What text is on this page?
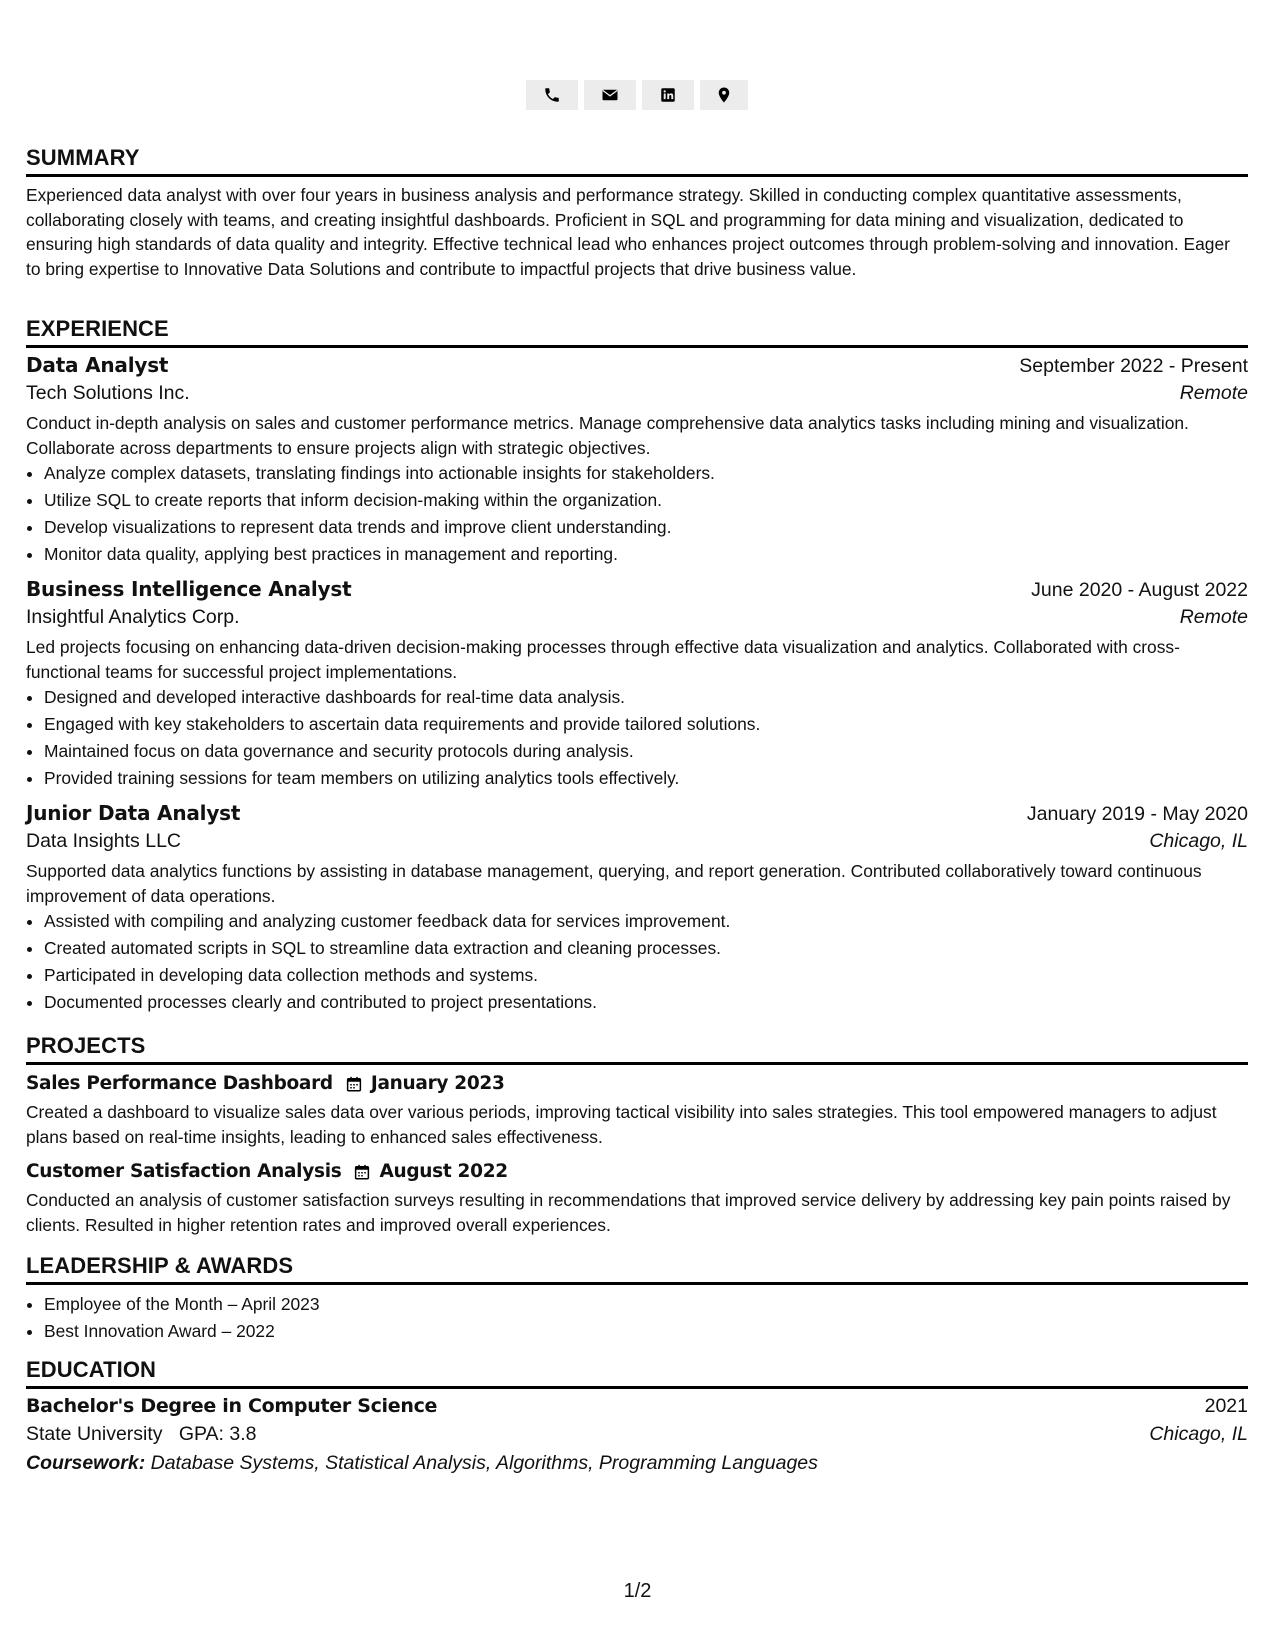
SUMMARY

Experienced data analyst with over four years in business analysis and performance strategy. Skilled in conducting complex quantitative assessments, collaborating closely with teams, and creating insightful dashboards. Proficient in SQL and programming for data mining and visualization, dedicated to ensuring high standards of data quality and integrity. Effective technical lead who enhances project outcomes through problem-solving and innovation. Eager to bring expertise to Innovative Data Solutions and contribute to impactful projects that drive business value.

EXPERIENCE
Data Analyst	September 2022 - Present
Tech Solutions Inc.	Remote
Conduct in-depth analysis on sales and customer performance metrics. Manage comprehensive data analytics tasks including mining and visualization. Collaborate across departments to ensure projects align with strategic objectives.
• Analyze complex datasets, translating findings into actionable insights for stakeholders.
• Utilize SQL to create reports that inform decision-making within the organization.
• Develop visualizations to represent data trends and improve client understanding.
• Monitor data quality, applying best practices in management and reporting.
Business Intelligence Analyst	June 2020 - August 2022
Insightful Analytics Corp.	Remote
Led projects focusing on enhancing data-driven decision-making processes through effective data visualization and analytics. Collaborated with cross-functional teams for successful project implementations.
• Designed and developed interactive dashboards for real-time data analysis.
• Engaged with key stakeholders to ascertain data requirements and provide tailored solutions.
• Maintained focus on data governance and security protocols during analysis.
• Provided training sessions for team members on utilizing analytics tools effectively.
Junior Data Analyst	January 2019 - May 2020
Data Insights LLC	Chicago, IL
Supported data analytics functions by assisting in database management, querying, and report generation. Contributed collaboratively toward continuous improvement of data operations.
• Assisted with compiling and analyzing customer feedback data for services improvement.
• Created automated scripts in SQL to streamline data extraction and cleaning processes.
• Participated in developing data collection methods and systems.
• Documented processes clearly and contributed to project presentations.
PROJECTS
Sales Performance Dashboard January 2023

Created a dashboard to visualize sales data over various periods, improving tactical visibility into sales strategies. This tool empowered managers to adjust plans based on real-time insights, leading to enhanced sales effectiveness.

Customer Satisfaction Analysis August 2022

Conducted an analysis of customer satisfaction surveys resulting in recommendations that improved service delivery by addressing key pain points raised by clients. Resulted in higher retention rates and improved overall experiences.

LEADERSHIP & AWARDS
• Employee of the Month – April 2023
• Best Innovation Award – 2022
EDUCATION
Bachelor's Degree in Computer Science	2021
State University GPA: 3.8	Chicago, IL
Coursework: Database Systems, Statistical Analysis, Algorithms, Programming Languages
1/2
